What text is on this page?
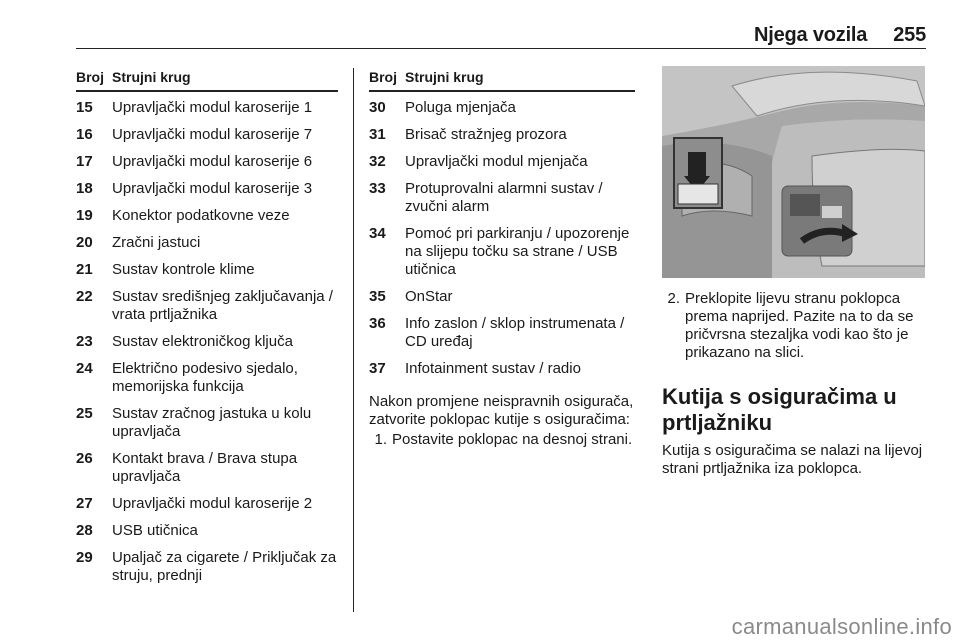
Njega vozila 255
Broj Strujni krug
15	Upravljački modul karoserije 1
16	Upravljački modul karoserije 7
17	Upravljački modul karoserije 6
18	Upravljački modul karoserije 3
19	Konektor podatkovne veze
20	Zračni jastuci
21	Sustav kontrole klime
22	Sustav središnjeg zaključavanja / vrata prtljažnika
23	Sustav elektroničkog ključa
24	Električno podesivo sjedalo, memorijska funkcija
25	Sustav zračnog jastuka u kolu upravljača
26	Kontakt brava / Brava stupa upravljača
27	Upravljački modul karoserije 2
28	USB utičnica
29	Upaljač za cigarete / Priključak za struju, prednji
Broj Strujni krug
30	Poluga mjenjača
31	Brisač stražnjeg prozora
32	Upravljački modul mjenjača
33	Protuprovalni alarmni sustav / zvučni alarm
34	Pomoć pri parkiranju / upozorenje na slijepu točku sa strane / USB utičnica
35	OnStar
36	Info zaslon / sklop instrumenata / CD uređaj
37	Infotainment sustav / radio
Nakon promjene neispravnih osigurača, zatvorite poklopac kutije s osiguračima:
1. Postavite poklopac na desnoj strani.
2. Preklopite lijevu stranu poklopca prema naprijed. Pazite na to da se pričvrsna stezaljka vodi kao što je prikazano na slici.
Kutija s osiguračima u prtljažniku
Kutija s osiguračima se nalazi na lijevoj strani prtljažnika iza poklopca.
carmanualsonline.info
